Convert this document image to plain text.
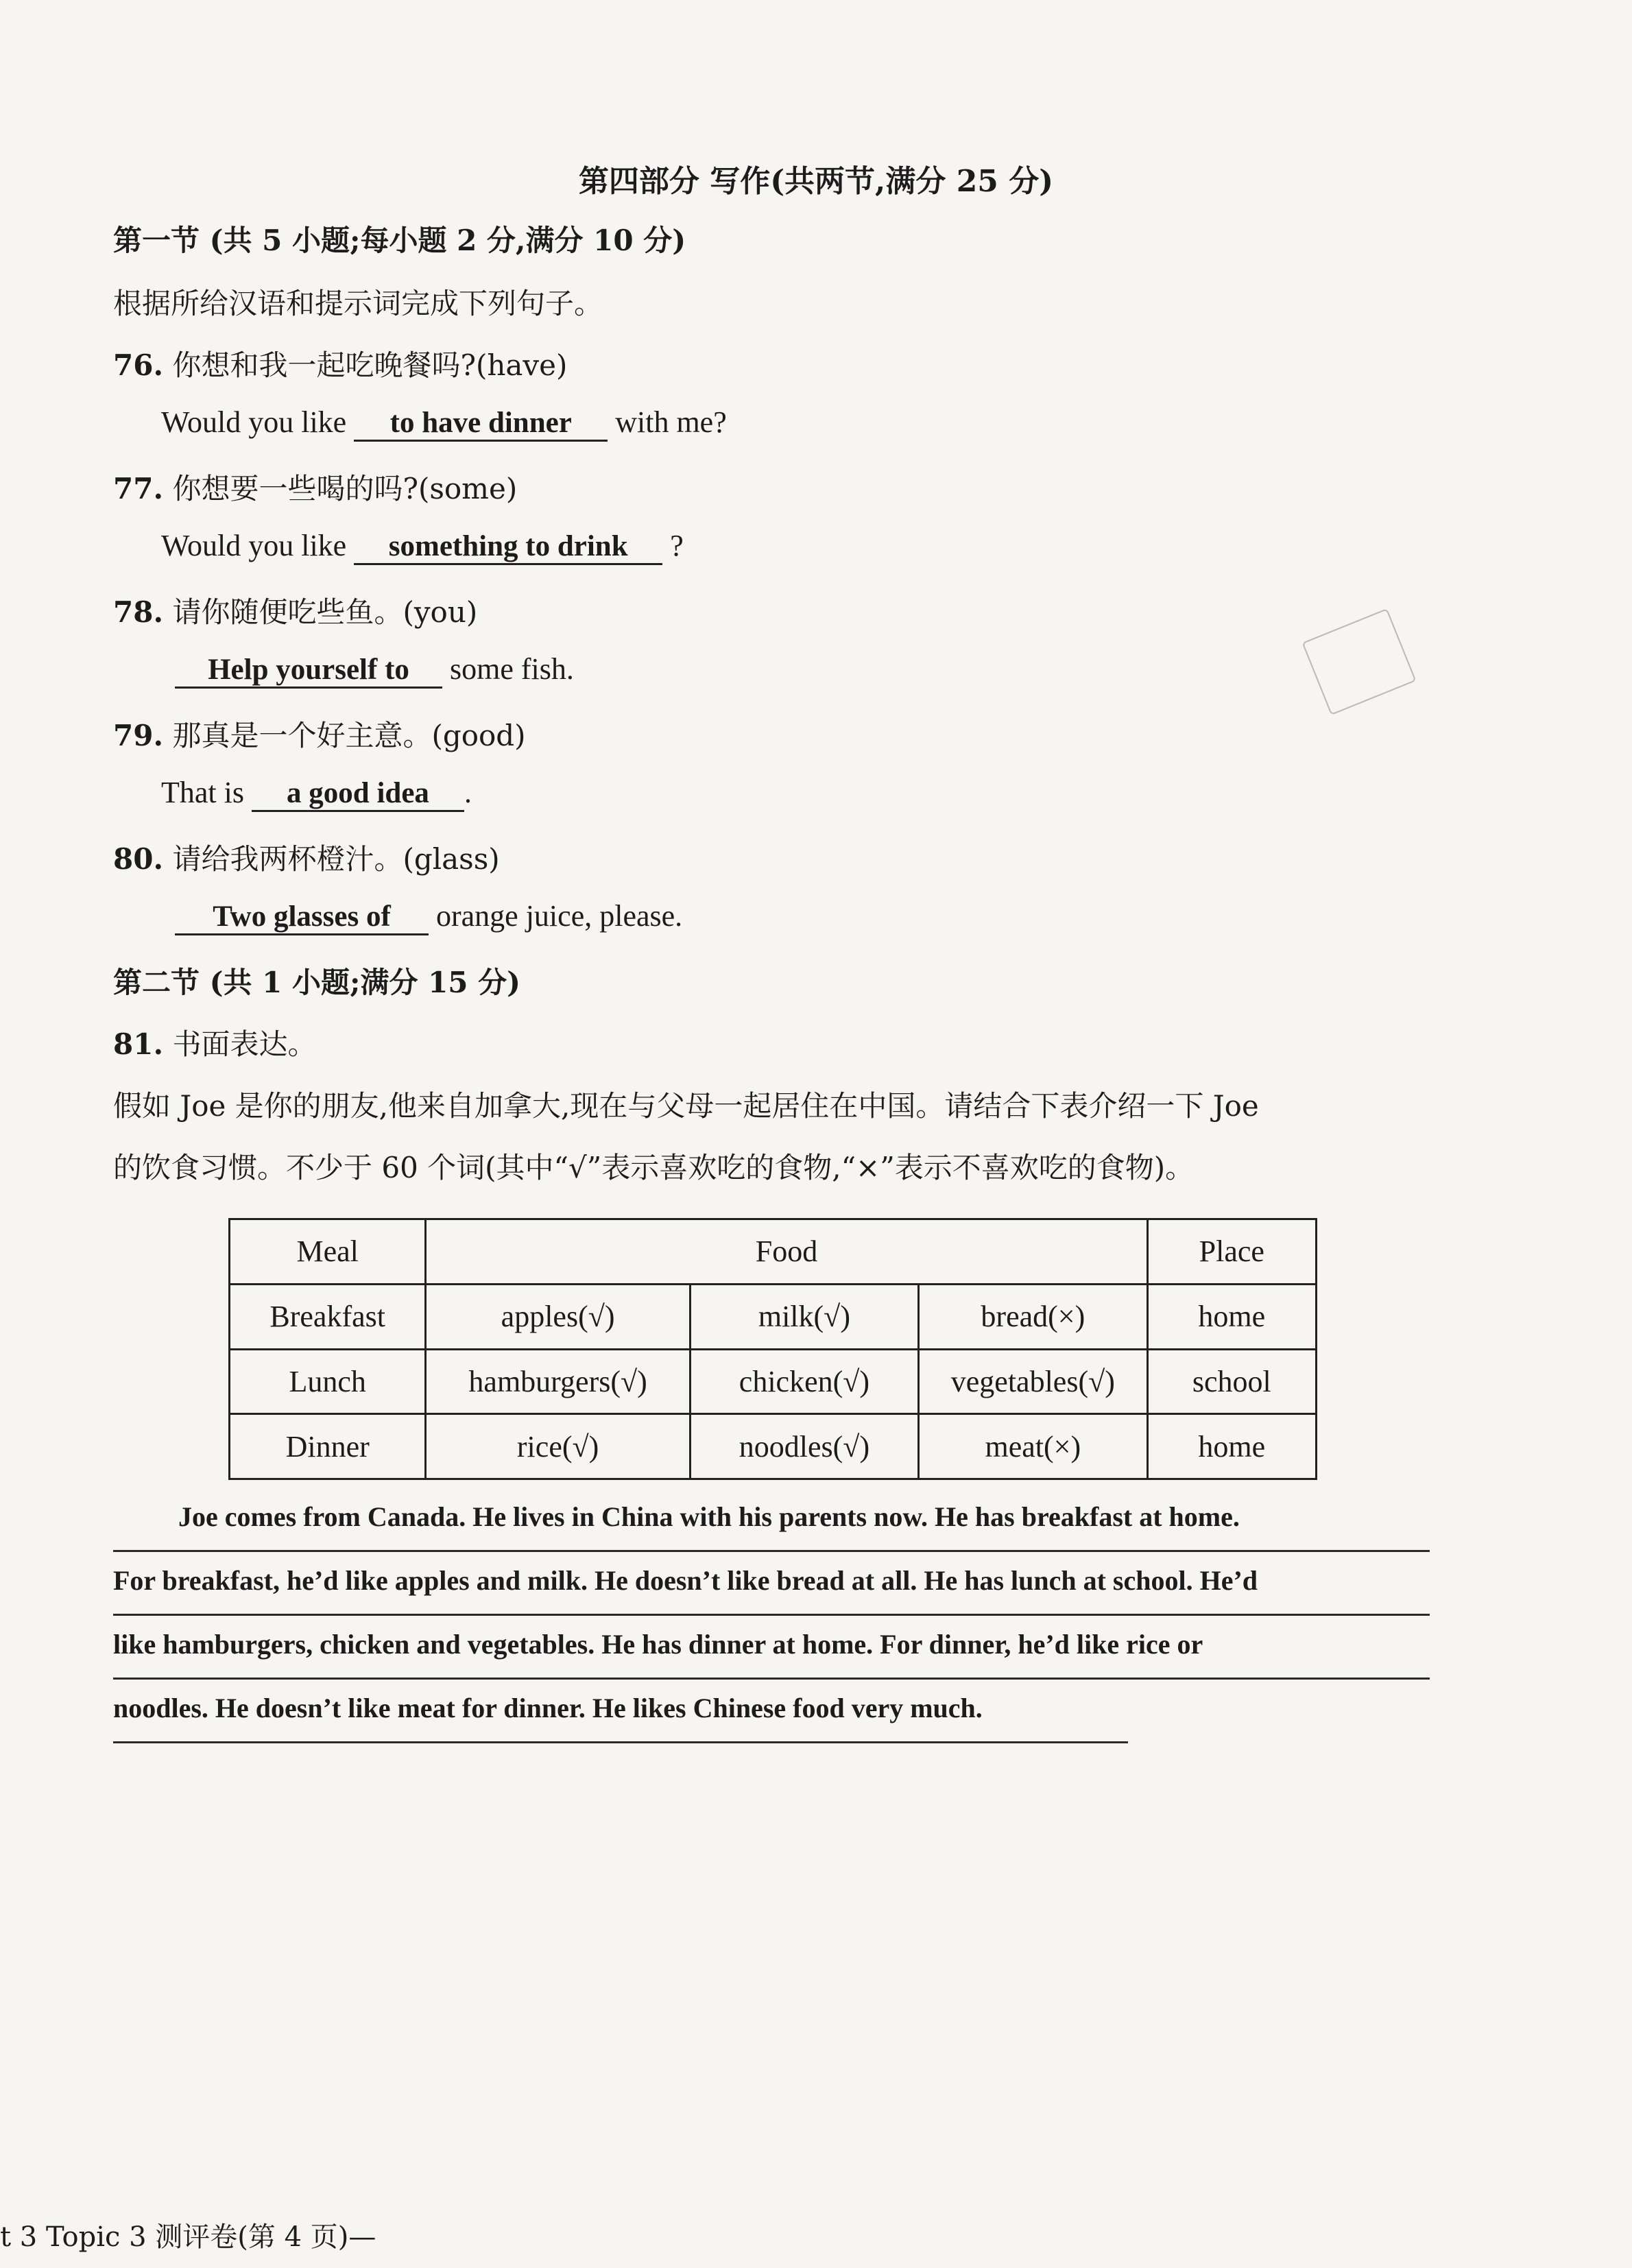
第四部分 写作(共两节,满分 25 分)
第一节 (共 5 小题;每小题 2 分,满分 10 分)
根据所给汉语和提示词完成下列句子。
76. 你想和我一起吃晚餐吗?(have)
Would you like to have dinner with me?
77. 你想要一些喝的吗?(some)
Would you like something to drink ?
78. 请你随便吃些鱼。(you)
Help yourself to some fish.
79. 那真是一个好主意。(good)
That is a good idea .
80. 请给我两杯橙汁。(glass)
Two glasses of orange juice, please.
第二节 (共 1 小题;满分 15 分)
81. 书面表达。
假如 Joe 是你的朋友,他来自加拿大,现在与父母一起居住在中国。请结合下表介绍一下 Joe
的饮食习惯。不少于 60 个词(其中“√”表示喜欢吃的食物,“×”表示不喜欢吃的食物)。
Meal	Food			Place
Breakfast	apples(√)	milk(√)	bread(×)	home
Lunch	hamburgers(√)	chicken(√)	vegetables(√)	school
Dinner	rice(√)	noodles(√)	meat(×)	home
Joe comes from Canada. He lives in China with his parents now. He has breakfast at home.
For breakfast, he’d like apples and milk. He doesn’t like bread at all. He has lunch at school. He’d
like hamburgers, chicken and vegetables. He has dinner at home. For dinner, he’d like rice or
noodles. He doesn’t like meat for dinner. He likes Chinese food very much.
t 3 Topic 3 测评卷(第 4 页)—
